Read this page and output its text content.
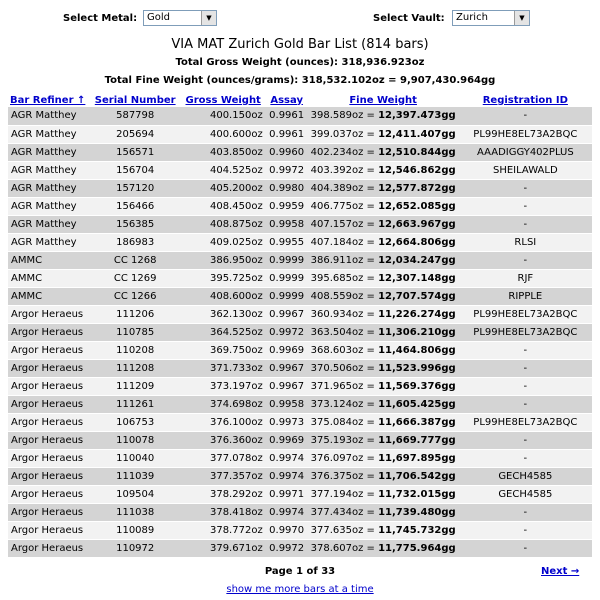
Select Metal: Gold	▼	Select Vault:	Zurich	▼
VIA MAT Zurich Gold Bar List (814 bars)
Total Gross Weight (ounces): 318,936.923oz
Total Fine Weight (ounces/grams): 318,532.102oz = 9,907,430.964gg
Bar Refiner ↑	Serial Number	Gross Weight	Assay	Fine Weight	Registration ID
AGR Matthey	587798	400.150oz	0.9961	398.589oz = 12,397.473gg	-
AGR Matthey	205694	400.600oz	0.9961	399.037oz = 12,411.407gg	PL99HE8EL73A2BQC
AGR Matthey	156571	403.850oz	0.9960	402.234oz = 12,510.844gg	AAADIGGY402PLUS
AGR Matthey	156704	404.525oz	0.9972	403.392oz = 12,546.862gg	SHEILAWALD
AGR Matthey	157120	405.200oz	0.9980	404.389oz = 12,577.872gg	-
AGR Matthey	156466	408.450oz	0.9959	406.775oz = 12,652.085gg	-
AGR Matthey	156385	408.875oz	0.9958	407.157oz = 12,663.967gg	-
AGR Matthey	186983	409.025oz	0.9955	407.184oz = 12,664.806gg	RLSI
AMMC	CC 1268	386.950oz	0.9999	386.911oz = 12,034.247gg	-
AMMC	CC 1269	395.725oz	0.9999	395.685oz = 12,307.148gg	RJF
AMMC	CC 1266	408.600oz	0.9999	408.559oz = 12,707.574gg	RIPPLE
Argor Heraeus	111206	362.130oz	0.9967	360.934oz = 11,226.274gg	PL99HE8EL73A2BQC
Argor Heraeus	110785	364.525oz	0.9972	363.504oz = 11,306.210gg	PL99HE8EL73A2BQC
Argor Heraeus	110208	369.750oz	0.9969	368.603oz = 11,464.806gg	-
Argor Heraeus	111208	371.733oz	0.9967	370.506oz = 11,523.996gg	-
Argor Heraeus	111209	373.197oz	0.9967	371.965oz = 11,569.376gg	-
Argor Heraeus	111261	374.698oz	0.9958	373.124oz = 11,605.425gg	-
Argor Heraeus	106753	376.100oz	0.9973	375.084oz = 11,666.387gg	PL99HE8EL73A2BQC
Argor Heraeus	110078	376.360oz	0.9969	375.193oz = 11,669.777gg	-
Argor Heraeus	110040	377.078oz	0.9974	376.097oz = 11,697.895gg	-
Argor Heraeus	111039	377.357oz	0.9974	376.375oz = 11,706.542gg	GECH4585
Argor Heraeus	109504	378.292oz	0.9971	377.194oz = 11,732.015gg	GECH4585
Argor Heraeus	111038	378.418oz	0.9974	377.434oz = 11,739.480gg	-
Argor Heraeus	110089	378.772oz	0.9970	377.635oz = 11,745.732gg	-
Argor Heraeus	110972	379.671oz	0.9972	378.607oz = 11,775.964gg	-
Page 1 of 33	Next →
show me more bars at a time
